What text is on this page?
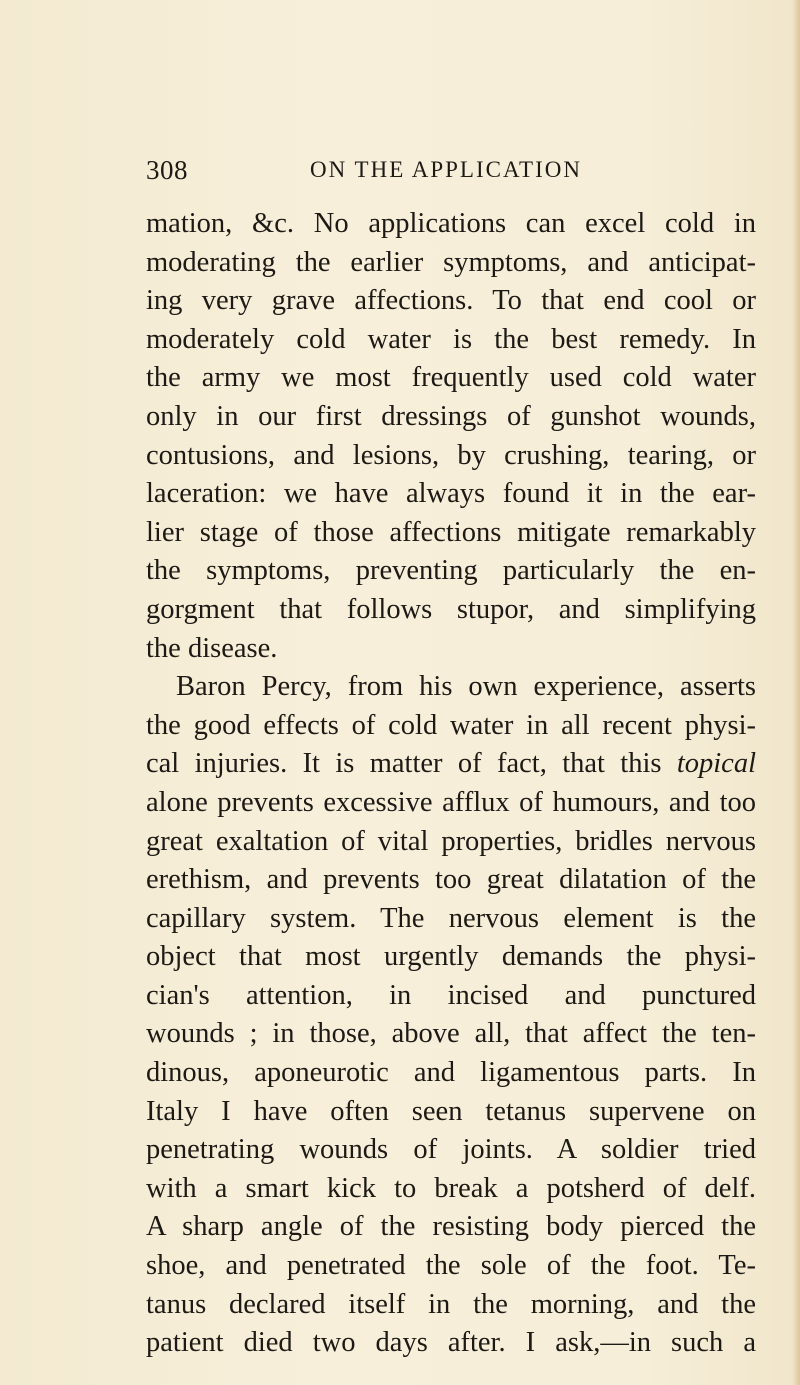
308	ON THE APPLICATION
mation, &c. No applications can excel cold in
moderating the earlier symptoms, and anticipat-
ing very grave affections. To that end cool or
moderately cold water is the best remedy. In
the army we most frequently used cold water
only in our first dressings of gunshot wounds,
contusions, and lesions, by crushing, tearing, or
laceration: we have always found it in the ear-
lier stage of those affections mitigate remarkably
the symptoms, preventing particularly the en-
gorgment that follows stupor, and simplifying
the disease.
Baron Percy, from his own experience, asserts
the good effects of cold water in all recent physi-
cal injuries. It is matter of fact, that this topical
alone prevents excessive afflux of humours, and too
great exaltation of vital properties, bridles nervous
erethism, and prevents too great dilatation of the
capillary system. The nervous element is the
object that most urgently demands the physi-
cian's attention, in incised and punctured
wounds ; in those, above all, that affect the ten-
dinous, aponeurotic and ligamentous parts. In
Italy I have often seen tetanus supervene on
penetrating wounds of joints. A soldier tried
with a smart kick to break a potsherd of delf.
A sharp angle of the resisting body pierced the
shoe, and penetrated the sole of the foot. Te-
tanus declared itself in the morning, and the
patient died two days after. I ask,—in such a
